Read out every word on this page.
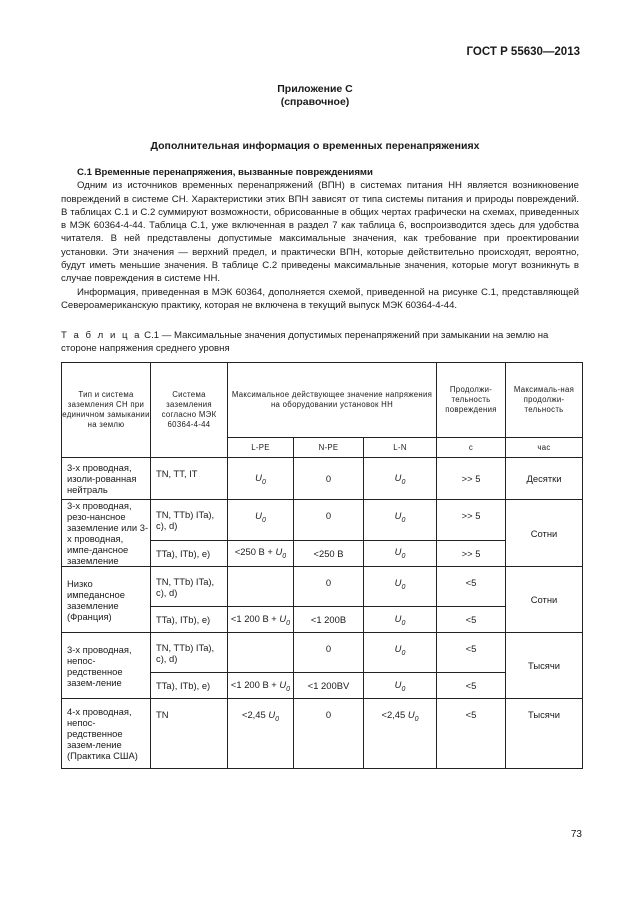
ГОСТ Р 55630—2013
Приложение С
(справочное)
Дополнительная информация о временных перенапряжениях

С.1 Временные перенапряжения, вызванные повреждениями

Одним из источников временных перенапряжений (ВПН) в системах питания НН является возникновение повреждений в системе СН. Характеристики этих ВПН зависят от типа системы питания и природы повреждений. В таблицах С.1 и С.2 суммируют возможности, обрисованные в общих чертах графически на схемах, приведенных в МЭК 60364-4-44. Таблица С.1, уже включенная в раздел 7 как таблица 6, воспроизводится здесь для удобства читателя. В ней представлены допустимые максимальные значения, как требование при проектировании установки. Эти значения — верхний предел, и практически ВПН, которые действительно происходят, вероятно, будут иметь меньшие значения. В таблице С.2 приведены максимальные значения, которые могут возникнуть в случае повреждения в системе НН.

Информация, приведенная в МЭК 60364, дополняется схемой, приведенной на рисунке С.1, представляющей Североамериканскую практику, которая не включена в текущий выпуск МЭК 60364-4-44.

Т а б л и ц а С.1 — Максимальные значения допустимых перенапряжений при замыкании на землю на стороне напряжения среднего уровня
Тип и система заземления СН при единичном замыкании на землю	Система заземления согласно МЭК 60364-4-44	Максимальное действующее значение напряжения на оборудовании установок НН			Продолжи-тельность повреждения	Максималь-ная продолжи-тельность
		L-PE	N-PE	L-N	с	час
3-х проводная, изоли-рованная нейтраль	TN, TT, IT	$U_0$	0	$U_0$	>> 5	Десятки
3-х проводная, резо-нансное заземление или 3-х проводная, импе-дансное заземление	TN, TTb) ITa), c), d)	$U_0$	0	$U_0$	>> 5	Сотни
	TTa), ITb), e)	<250 $В + U_0$	<250 В	$U_0$	>> 5	
Низко импедансное заземление (Франция)	TN, TTb) ITa), c), d)		0	$U_0$	<5	Сотни
	TTa), ITb), e)	<1 200 $В + U_0$	<1 200В	$U_0$	<5	
3-х проводная, непос-редственное зазем-ление	TN, TTb) ITa), c), d)		0	$U_0$	<5	Тысячи
	TTa), ITb), e)	<1 200 $В + U_0$	<1 200BV	$U_0$	<5	
4-х проводная, непос-редственное зазем-ление (Практика США)	TN	<2,45 $U_0$	0	<2,45 $U_0$	<5	Тысячи
73
